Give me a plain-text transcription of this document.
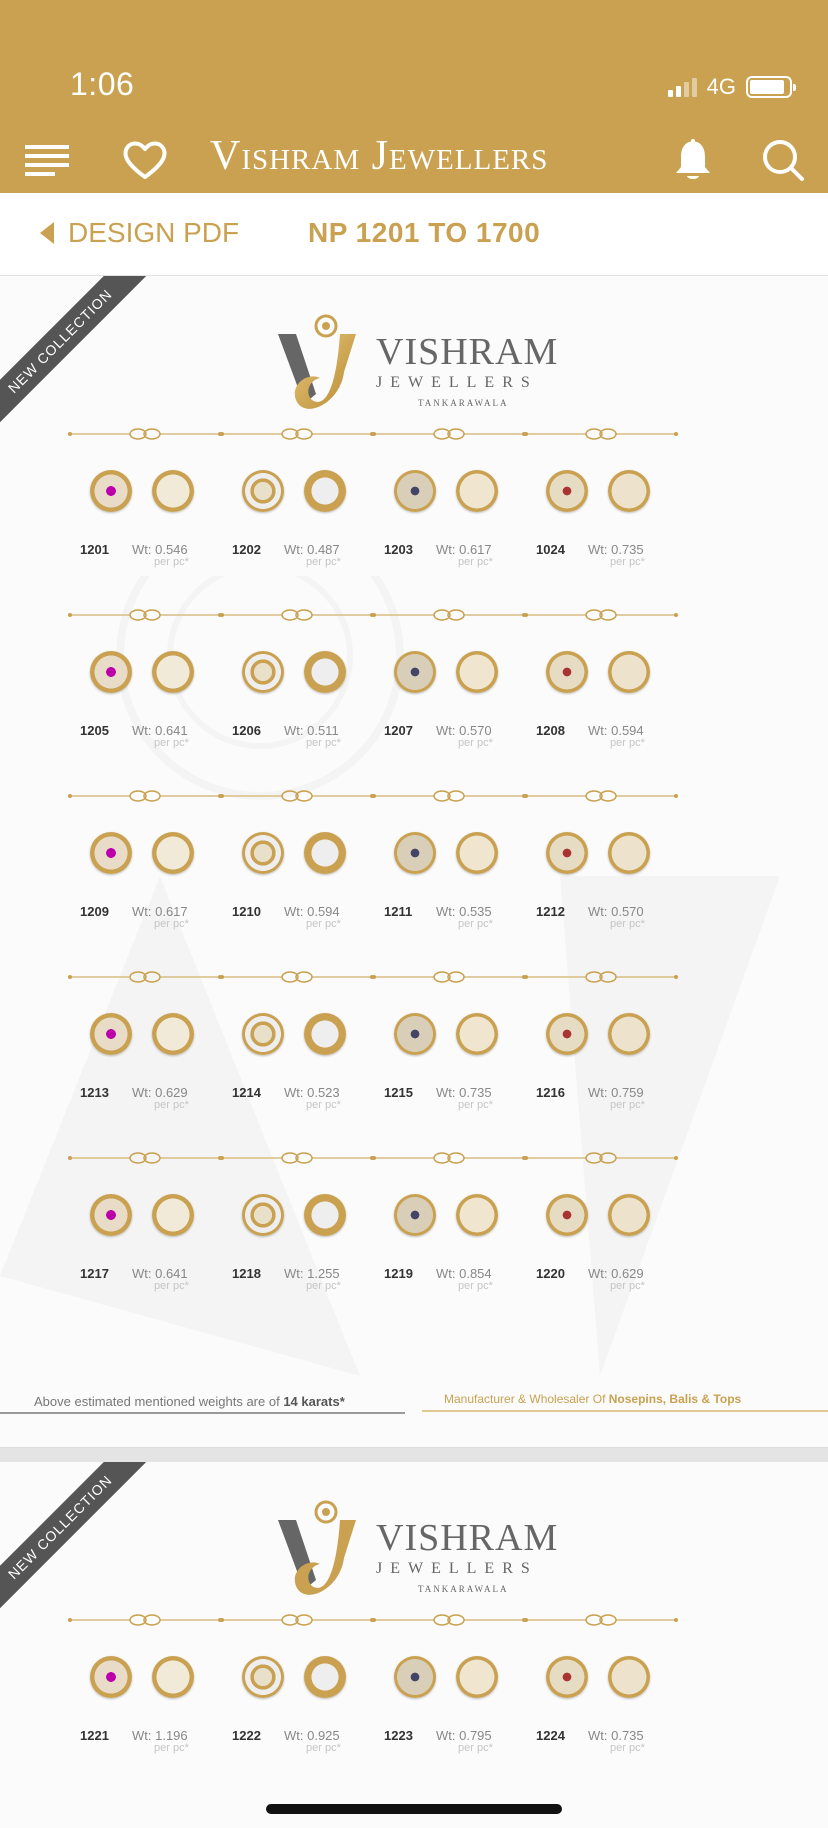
1:06	4G
Vishram Jewellers
DESIGN PDF NP 1201 TO 1700
NEW COLLECTION	VISHRAM
JEWELLERS
TANKARAWALA
1201 Wt: 0.546
per pc*
1202 Wt: 0.487
per pc*
1203 Wt: 0.617
per pc*
1024 Wt: 0.735
per pc*
1205 Wt: 0.641
per pc*
1206 Wt: 0.511
per pc*
1207 Wt: 0.570
per pc*
1208 Wt: 0.594
per pc*
1209 Wt: 0.617
per pc*
1210 Wt: 0.594
per pc*
1211 Wt: 0.535
per pc*
1212 Wt: 0.570
per pc*
1213 Wt: 0.629
per pc*
1214 Wt: 0.523
per pc*
1215 Wt: 0.735
per pc*
1216 Wt: 0.759
per pc*
1217 Wt: 0.641
per pc*
1218 Wt: 1.255
per pc*
1219 Wt: 0.854
per pc*
1220 Wt: 0.629
per pc*
Above estimated mentioned weights are of 14 karats*	Manufacturer & Wholesaler Of Nosepins, Balis & Tops
NEW COLLECTION	VISHRAM
JEWELLERS
TANKARAWALA
1221 Wt: 1.196
per pc*
1222 Wt: 0.925
per pc*
1223 Wt: 0.795
per pc*
1224 Wt: 0.735
per pc*
